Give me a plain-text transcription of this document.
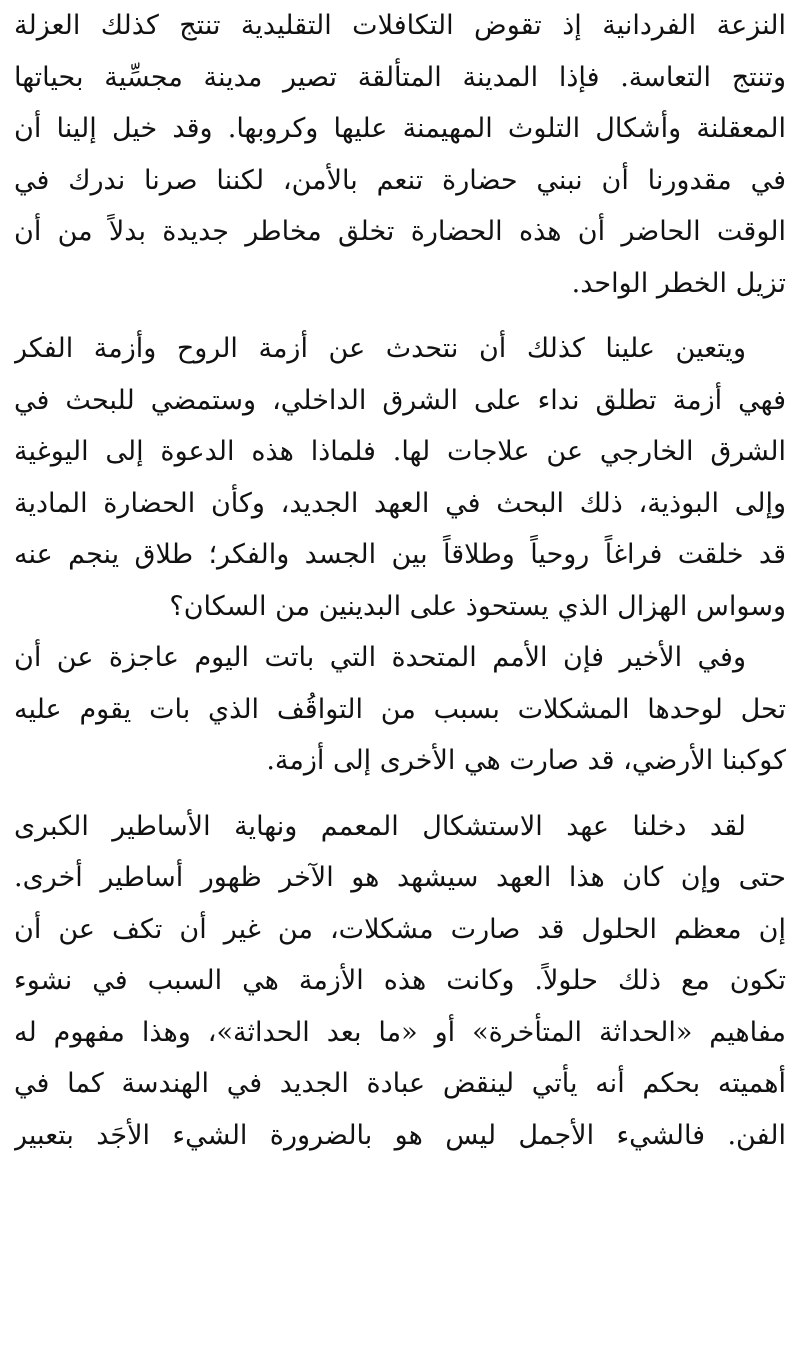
النزعة الفردانية إذ تقوض التكافلات التقليدية تنتج كذلك العزلة
وتنتج التعاسة. فإذا المدينة المتألقة تصير مدينة مجسِّية بحياتها
المعقلنة وأشكال التلوث المهيمنة عليها وكروبها. وقد خيل إلينا أن
في مقدورنا أن نبني حضارة تنعم بالأمن، لكننا صرنا ندرك في
الوقت الحاضر أن هذه الحضارة تخلق مخاطر جديدة بدلاً من أن
تزيل الخطر الواحد.
ويتعين علينا كذلك أن نتحدث عن أزمة الروح وأزمة الفكر
فهي أزمة تطلق نداء على الشرق الداخلي، وستمضي للبحث في
الشرق الخارجي عن علاجات لها. فلماذا هذه الدعوة إلى اليوغية
وإلى البوذية، ذلك البحث في العهد الجديد، وكأن الحضارة المادية
قد خلقت فراغاً روحياً وطلاقاً بين الجسد والفكر؛ طلاق ينجم عنه
وسواس الهزال الذي يستحوذ على البدينين من السكان؟
وفي الأخير فإن الأمم المتحدة التي باتت اليوم عاجزة عن أن
تحل لوحدها المشكلات بسبب من التواقُف الذي بات يقوم عليه
كوكبنا الأرضي، قد صارت هي الأخرى إلى أزمة.
لقد دخلنا عهد الاستشكال المعمم ونهاية الأساطير الكبرى
حتى وإن كان هذا العهد سيشهد هو الآخر ظهور أساطير أخرى.
إن معظم الحلول قد صارت مشكلات، من غير أن تكف عن أن
تكون مع ذلك حلولاً. وكانت هذه الأزمة هي السبب في نشوء
مفاهيم «الحداثة المتأخرة» أو «ما بعد الحداثة»، وهذا مفهوم له
أهميته بحكم أنه يأتي لينقض عبادة الجديد في الهندسة كما في
الفن. فالشيء الأجمل ليس هو بالضرورة الشيء الأجَد بتعبير
